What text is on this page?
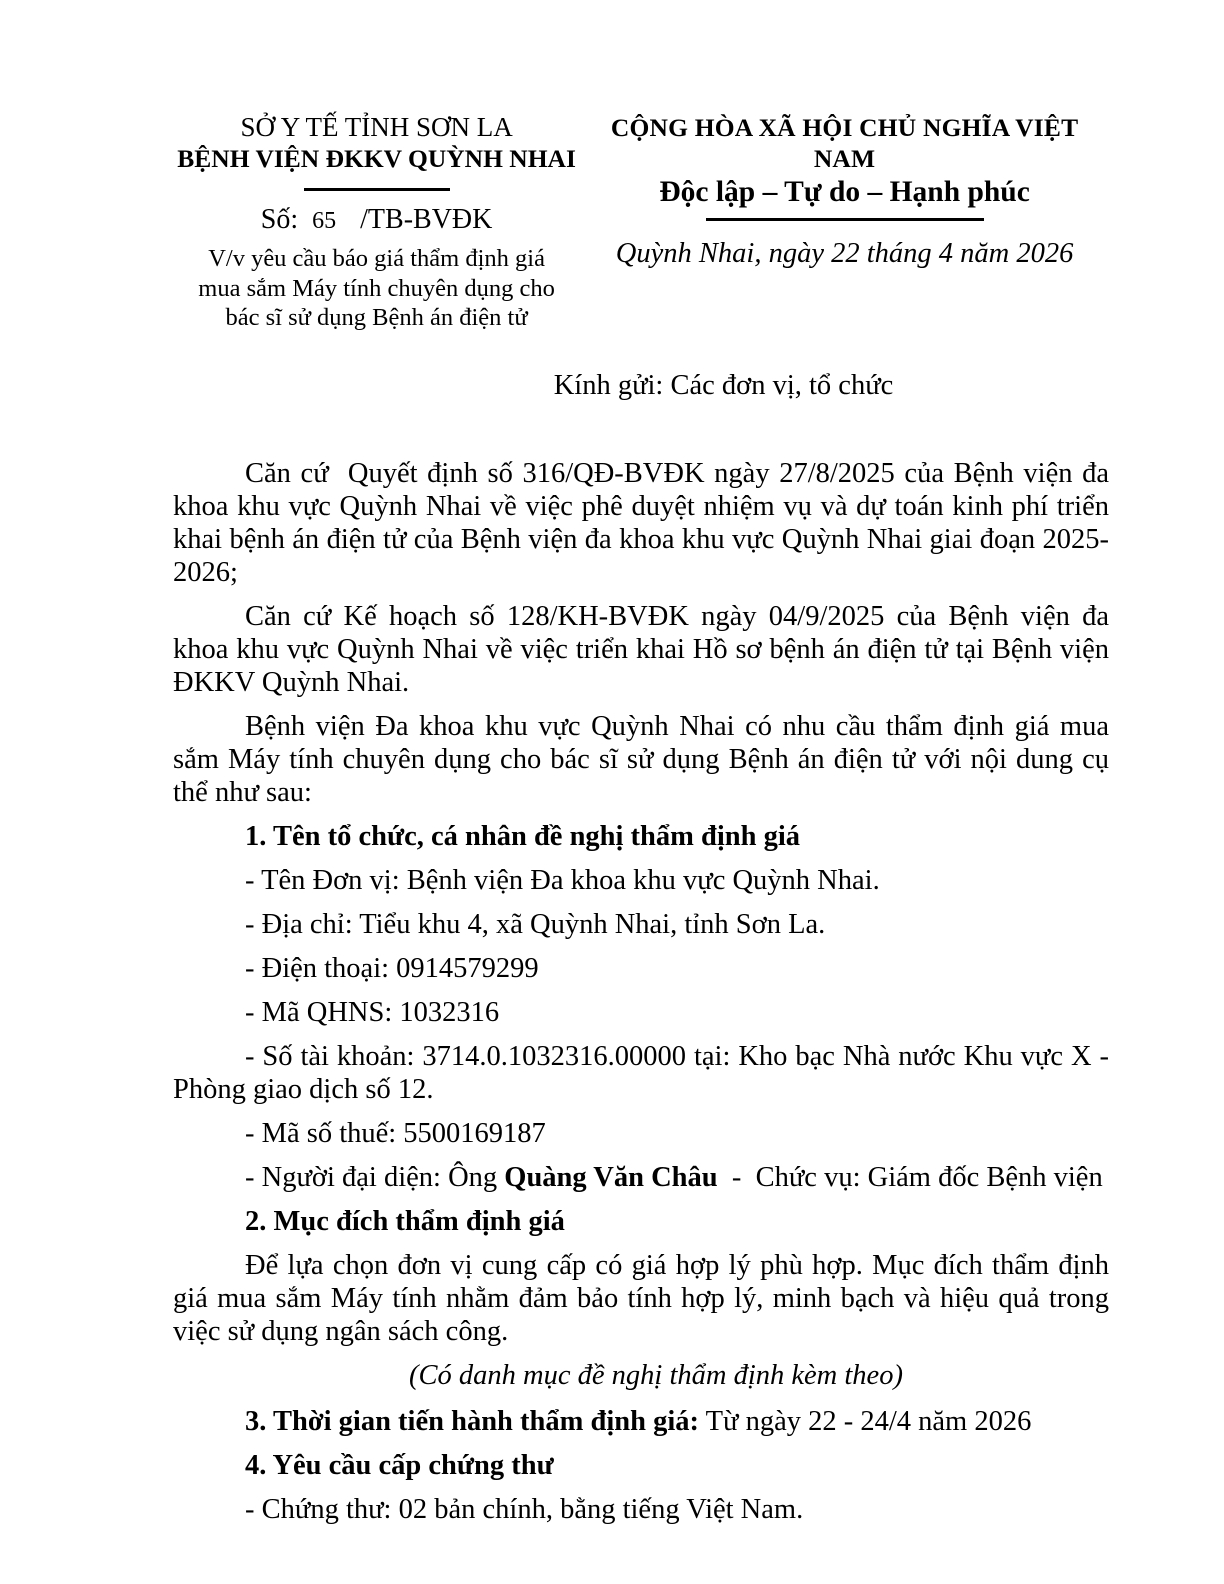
SỞ Y TẾ TỈNH SƠN LA
BỆNH VIỆN ĐKKV QUỲNH NHAI
Số: 65 /TB-BVĐK
V/v yêu cầu báo giá thẩm định giá
mua sắm Máy tính chuyên dụng cho
bác sĩ sử dụng Bệnh án điện tử
CỘNG HÒA XÃ HỘI CHỦ NGHĨA VIỆT NAM
Độc lập – Tự do – Hạnh phúc
Quỳnh Nhai, ngày 22 tháng 4 năm 2026
Kính gửi: Các đơn vị, tổ chức

Căn cứ  Quyết định số 316/QĐ-BVĐK ngày 27/8/2025 của Bệnh viện đa khoa khu vực Quỳnh Nhai về việc phê duyệt nhiệm vụ và dự toán kinh phí triển khai bệnh án điện tử của Bệnh viện đa khoa khu vực Quỳnh Nhai giai đoạn 2025-2026;

Căn cứ Kế hoạch số 128/KH-BVĐK ngày 04/9/2025 của Bệnh viện đa khoa khu vực Quỳnh Nhai về việc triển khai Hồ sơ bệnh án điện tử tại Bệnh viện ĐKKV Quỳnh Nhai.

Bệnh viện Đa khoa khu vực Quỳnh Nhai có nhu cầu thẩm định giá mua sắm Máy tính chuyên dụng cho bác sĩ sử dụng Bệnh án điện tử với nội dung cụ thể như sau:

1. Tên tổ chức, cá nhân đề nghị thẩm định giá

- Tên Đơn vị: Bệnh viện Đa khoa khu vực Quỳnh Nhai.

- Địa chỉ: Tiểu khu 4, xã Quỳnh Nhai, tỉnh Sơn La.

- Điện thoại: 0914579299

- Mã QHNS: 1032316

- Số tài khoản: 3714.0.1032316.00000 tại: Kho bạc Nhà nước Khu vực X - Phòng giao dịch số 12.

- Mã số thuế: 5500169187

- Người đại diện: Ông Quàng Văn Châu  -  Chức vụ: Giám đốc Bệnh viện

2. Mục đích thẩm định giá

Để lựa chọn đơn vị cung cấp có giá hợp lý phù hợp. Mục đích thẩm định giá mua sắm Máy tính nhằm đảm bảo tính hợp lý, minh bạch và hiệu quả trong việc sử dụng ngân sách công.

(Có danh mục đề nghị thẩm định kèm theo)

3. Thời gian tiến hành thẩm định giá: Từ ngày 22 - 24/4 năm 2026

4. Yêu cầu cấp chứng thư

- Chứng thư: 02 bản chính, bằng tiếng Việt Nam.
